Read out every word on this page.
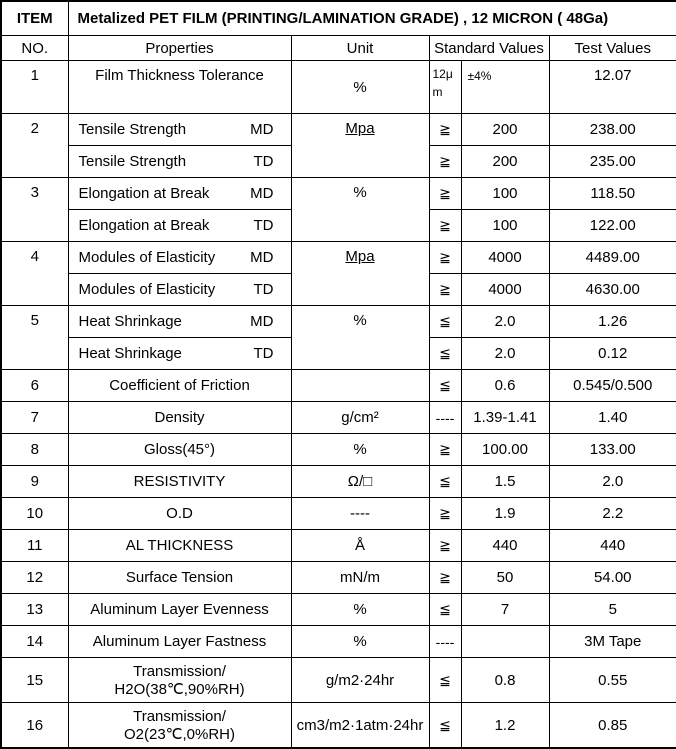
ITEM	Metalized PET FILM (PRINTING/LAMINATION GRADE) , 12 MICRON ( 48Ga)				
NO.	Properties	Unit	Standard Values		Test Values
1	Film Thickness Tolerance	%	12μm	±4%	12.07
2	Tensile Strength MD	Mpa	≧	200	238.00

	Tensile Strength TD		≧	200	235.00
3	Elongation at Break MD	%	≧	100	118.50

	Elongation at Break TD		≧	100	122.00
4	Modules of Elasticity MD	Mpa	≧	4000	4489.00

	Modules of Elasticity TD		≧	4000	4630.00
5	Heat Shrinkage MD	%	≦	2.0	1.26

	Heat Shrinkage TD		≦	2.0	0.12
6	Coefficient of Friction		≦	0.6	0.545/0.500
7	Density	g/cm²	----	1.39-1.41	1.40
8	Gloss(45°)	%	≧	100.00	133.00
9	RESISTIVITY	Ω/□	≦	1.5	2.0
10	O.D	----	≧	1.9	2.2
11	AL THICKNESS	Å	≧	440	440
12	Surface Tension	mN/m	≧	50	54.00
13	Aluminum Layer Evenness	%	≦	7	5
14	Aluminum Layer Fastness	%	----		3M Tape
15	Transmission/
H2O(38℃,90%RH)	g/m2·24hr	≦	0.8	0.55
16	Transmission/
O2(23℃,0%RH)	cm3/m2·1atm·24hr	≦	1.2	0.85
